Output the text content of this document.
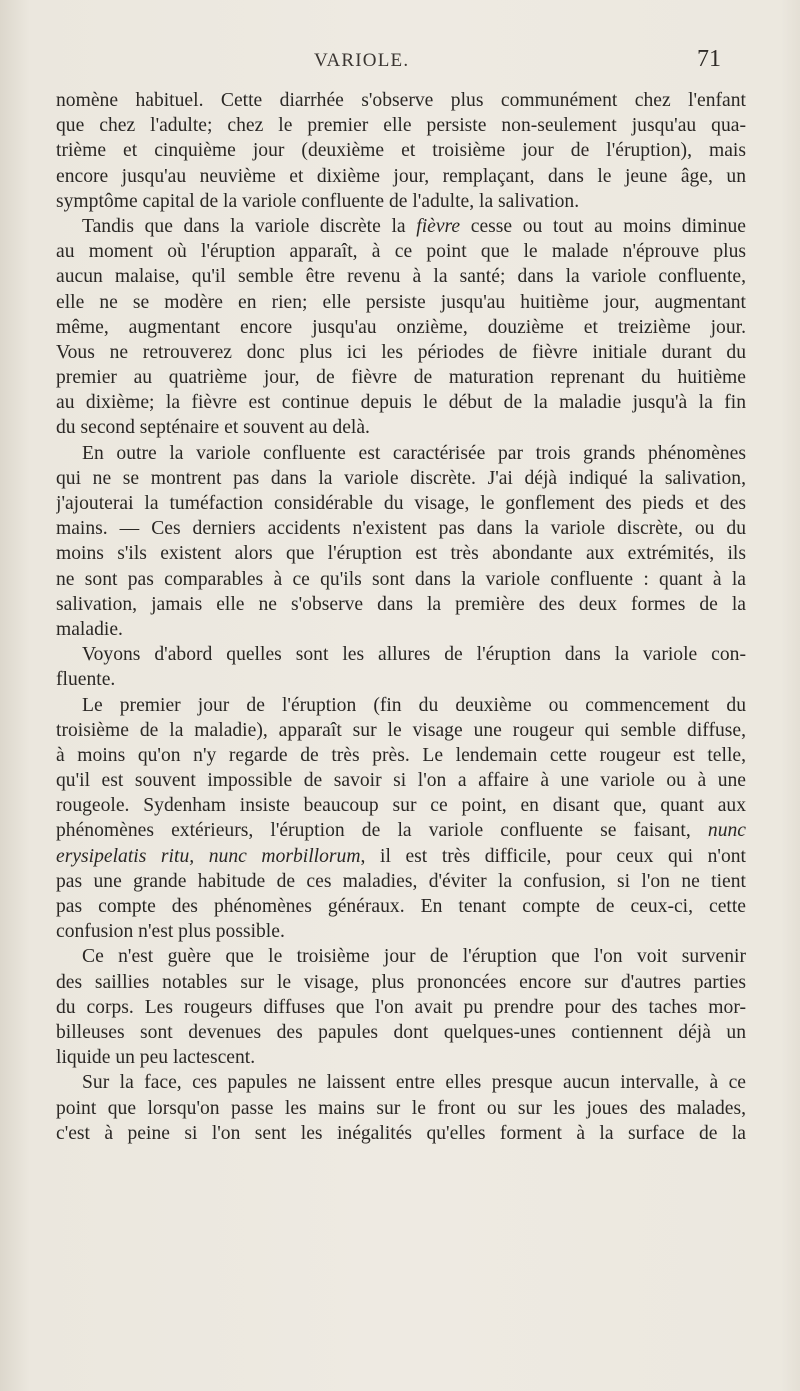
VARIOLE.	71
nomène habituel. Cette diarrhée s'observe plus communément chez l'enfant
que chez l'adulte; chez le premier elle persiste non-seulement jusqu'au qua-
trième et cinquième jour (deuxième et troisième jour de l'éruption), mais
encore jusqu'au neuvième et dixième jour, remplaçant, dans le jeune âge, un
symptôme capital de la variole confluente de l'adulte, la salivation.
Tandis que dans la variole discrète la fièvre cesse ou tout au moins diminue
au moment où l'éruption apparaît, à ce point que le malade n'éprouve plus
aucun malaise, qu'il semble être revenu à la santé; dans la variole confluente,
elle ne se modère en rien; elle persiste jusqu'au huitième jour, augmentant
même, augmentant encore jusqu'au onzième, douzième et treizième jour.
Vous ne retrouverez donc plus ici les périodes de fièvre initiale durant du
premier au quatrième jour, de fièvre de maturation reprenant du huitième
au dixième; la fièvre est continue depuis le début de la maladie jusqu'à la fin
du second septénaire et souvent au delà.
En outre la variole confluente est caractérisée par trois grands phénomènes
qui ne se montrent pas dans la variole discrète. J'ai déjà indiqué la salivation,
j'ajouterai la tuméfaction considérable du visage, le gonflement des pieds et des
mains. — Ces derniers accidents n'existent pas dans la variole discrète, ou du
moins s'ils existent alors que l'éruption est très abondante aux extrémités, ils
ne sont pas comparables à ce qu'ils sont dans la variole confluente : quant à la
salivation, jamais elle ne s'observe dans la première des deux formes de la
maladie.
Voyons d'abord quelles sont les allures de l'éruption dans la variole con-
fluente.
Le premier jour de l'éruption (fin du deuxième ou commencement du
troisième de la maladie), apparaît sur le visage une rougeur qui semble diffuse,
à moins qu'on n'y regarde de très près. Le lendemain cette rougeur est telle,
qu'il est souvent impossible de savoir si l'on a affaire à une variole ou à une
rougeole. Sydenham insiste beaucoup sur ce point, en disant que, quant aux
phénomènes extérieurs, l'éruption de la variole confluente se faisant, nunc
erysipelatis ritu, nunc morbillorum, il est très difficile, pour ceux qui n'ont
pas une grande habitude de ces maladies, d'éviter la confusion, si l'on ne tient
pas compte des phénomènes généraux. En tenant compte de ceux-ci, cette
confusion n'est plus possible.
Ce n'est guère que le troisième jour de l'éruption que l'on voit survenir
des saillies notables sur le visage, plus prononcées encore sur d'autres parties
du corps. Les rougeurs diffuses que l'on avait pu prendre pour des taches mor-
billeuses sont devenues des papules dont quelques-unes contiennent déjà un
liquide un peu lactescent.
Sur la face, ces papules ne laissent entre elles presque aucun intervalle, à ce
point que lorsqu'on passe les mains sur le front ou sur les joues des malades,
c'est à peine si l'on sent les inégalités qu'elles forment à la surface de la
